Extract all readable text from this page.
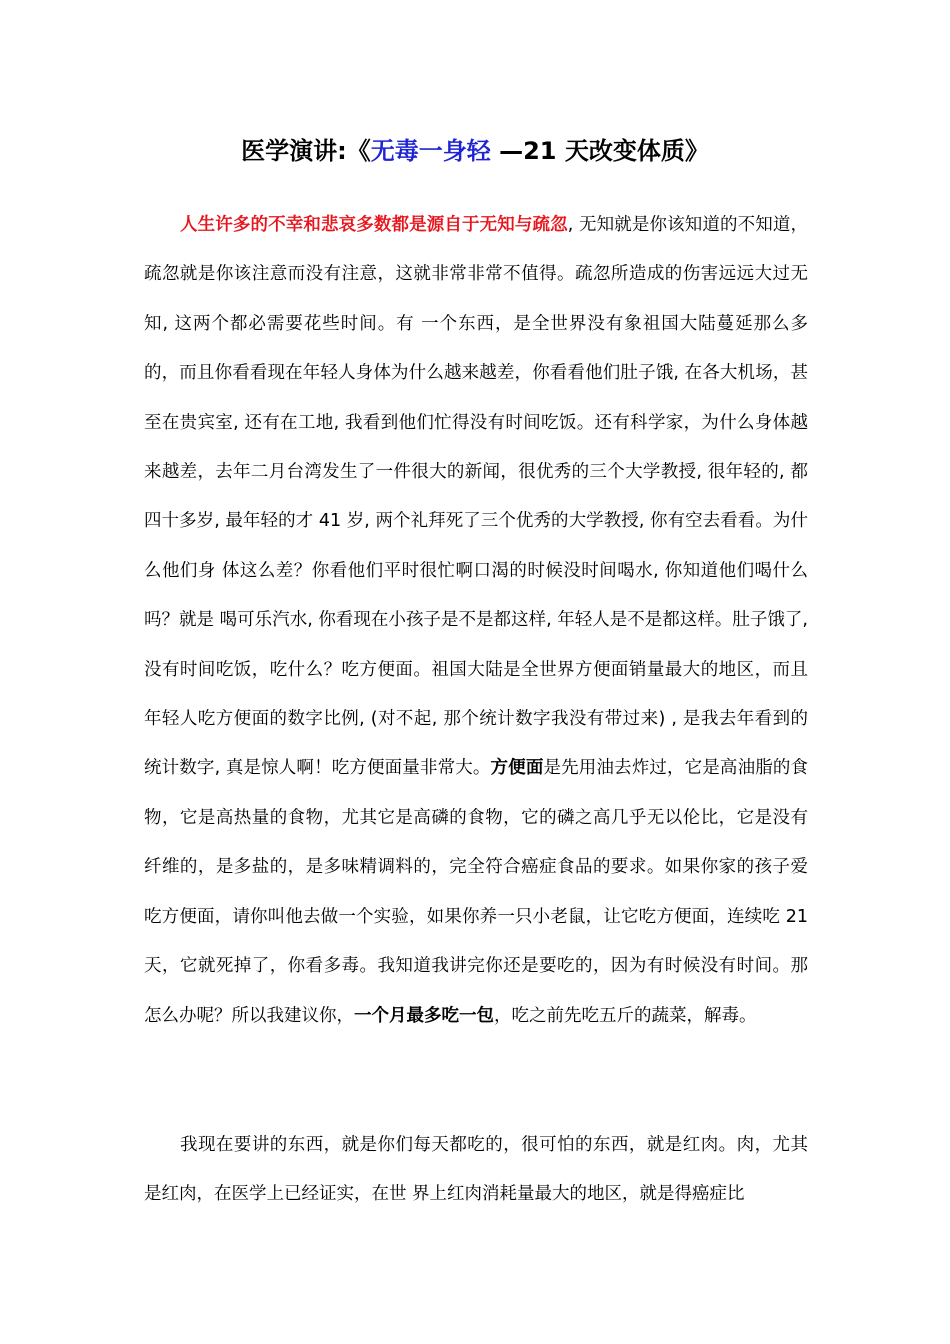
医学演讲:《无毒一身轻 —21 天改变体质》

人生许多的不幸和悲哀多数都是源自于无知与疏忽, 无知就是你该知道的不知道，疏忽就是你该注意而没有注意，这就非常非常不值得。疏忽所造成的伤害远远大过无知, 这两个都必需要花些时间。有 一个东西，是全世界没有象祖国大陆蔓延那么多的，而且你看看现在年轻人身体为什么越来越差，你看看他们肚子饿, 在各大机场，甚至在贵宾室, 还有在工地, 我看到他们忙得没有时间吃饭。还有科学家，为什么身体越来越差，去年二月台湾发生了一件很大的新闻，很优秀的三个大学教授, 很年轻的, 都四十多岁, 最年轻的才 41 岁, 两个礼拜死了三个优秀的大学教授, 你有空去看看。为什么他们身 体这么差？你看他们平时很忙啊口渴的时候没时间喝水, 你知道他们喝什么吗？就是 喝可乐汽水, 你看现在小孩子是不是都这样, 年轻人是不是都这样。肚子饿了, 没有时间吃饭，吃什么？吃方便面。祖国大陆是全世界方便面销量最大的地区，而且年轻人吃方便面的数字比例, (对不起, 那个统计数字我没有带过来) , 是我去年看到的统计数字, 真是惊人啊！吃方便面量非常大。方便面是先用油去炸过，它是高油脂的食物，它是高热量的食物，尤其它是高磷的食物，它的磷之高几乎无以伦比，它是没有纤维的，是多盐的，是多味精调料的，完全符合癌症食品的要求。如果你家的孩子爱吃方便面，请你叫他去做一个实验，如果你养一只小老鼠，让它吃方便面，连续吃 21 天，它就死掉了，你看多毒。我知道我讲完你还是要吃的，因为有时候没有时间。那怎么办呢？所以我建议你，一个月最多吃一包，吃之前先吃五斤的蔬菜，解毒。

我现在要讲的东西，就是你们每天都吃的，很可怕的东西，就是红肉。肉，尤其是红肉，在医学上已经证实，在世 界上红肉消耗量最大的地区，就是得癌症比
